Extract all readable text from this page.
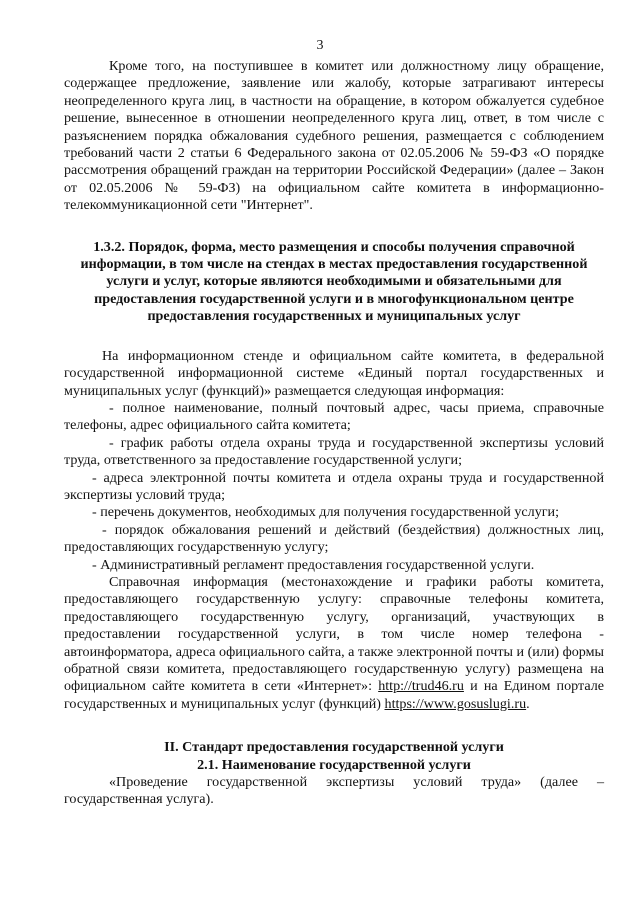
3

Кроме того, на поступившее в комитет или должностному лицу обращение, содержащее предложение, заявление или жалобу, которые затрагивают интересы неопределенного круга лиц, в частности на обращение, в котором обжалуется судебное решение, вынесенное в отношении неопределенного круга лиц, ответ, в том числе с разъяснением порядка обжалования судебного решения, размещается с соблюдением требований части 2 статьи 6 Федерального закона от 02.05.2006 № 59-ФЗ «О порядке рассмотрения обращений граждан на территории Российской Федерации» (далее – Закон от 02.05.2006 № 59-ФЗ) на официальном сайте комитета в информационно-телекоммуникационной сети "Интернет".

1.3.2. Порядок, форма, место размещения и способы получения справочной информации, в том числе на стендах в местах предоставления государственной услуги и услуг, которые являются необходимыми и обязательными для предоставления государственной услуги и в многофункциональном центре предоставления государственных и муниципальных услуг

На информационном стенде и официальном сайте комитета, в федеральной государственной информационной системе «Единый портал государственных и муниципальных услуг (функций)» размещается следующая информация:

- полное наименование, полный почтовый адрес, часы приема, справочные телефоны, адрес официального сайта комитета;

- график работы отдела охраны труда и государственной экспертизы условий труда, ответственного за предоставление государственной услуги;

- адреса электронной почты комитета и отдела охраны труда и государственной экспертизы условий труда;

- перечень документов, необходимых для получения государственной услуги;

- порядок обжалования решений и действий (бездействия) должностных лиц, предоставляющих государственную услугу;

- Административный регламент предоставления государственной услуги.

Справочная информация (местонахождение и графики работы комитета, предоставляющего государственную услугу: справочные телефоны комитета, предоставляющего государственную услугу, организаций, участвующих в предоставлении государственной услуги, в том числе номер телефона - автоинформатора, адреса официального сайта, а также электронной почты и (или) формы обратной связи комитета, предоставляющего государственную услугу) размещена на официальном сайте комитета в сети «Интернет»: http://trud46.ru и на Едином портале государственных и муниципальных услуг (функций) https://www.gosuslugi.ru.

II. Стандарт предоставления государственной услуги

2.1. Наименование государственной услуги

«Проведение государственной экспертизы условий труда» (далее – государственная услуга).
